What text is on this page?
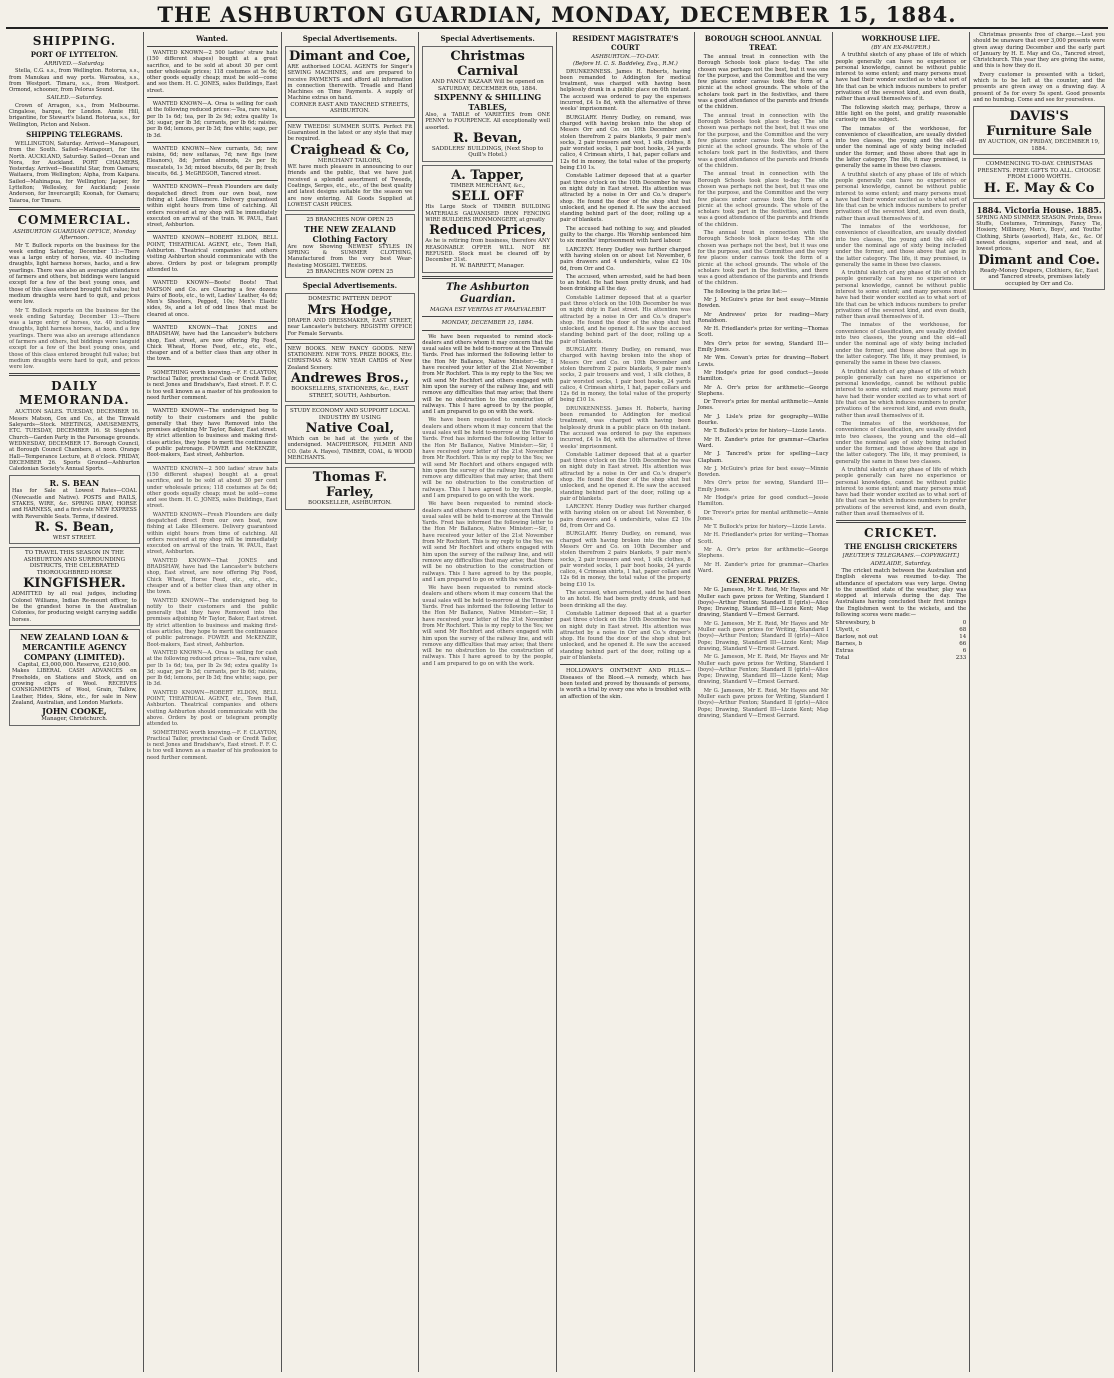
THE ASHBURTON GUARDIAN, MONDAY, DECEMBER 15, 1884.
SHIPPING.
PORT OF LYTTELTON.
ARRIVED.—Saturday.
Stella, C.G. s.s., from Wellington. Rotorua, s.s., from Manukau and way ports. Waroatea, s.s., from Westport. Timaru, s.s., from Westport. Ormond, schooner, from Pelorus Sound.
SAILED.—Saturday.
Crown of Arragon, s.s., from Melbourne. Cingalese, barque, for London. Annie Hill, brigantine, for Stewart's Island. Rotorua, s.s., for Wellington, Picton and Nelson.
SHIPPING TELEGRAMS.
WELLINGTON, Saturday. Arrived—Manapouri, from the South. Sailed—Manapouri, for the North. AUCKLAND, Saturday. Sailed—Ocean and Nora, for Auckland. PORT CHALMERS, Yesterday. Arrived—Beautiful Star, from Oamaru; Waitaera, from Wellington; Alpha, from Kaipara. Sailed—Mahinapua, for Wellington; Jasper, for Lyttelton; Wellesley, for Auckland; Jessie Anderson, for Invercargill; Koonah, for Oamaru; Taiaroa, for Timaru.
COMMERCIAL.
ASHBURTON GUARDIAN OFFICE, Monday Afternoon.
Mr T. Bullock reports on the business for the week ending Saturday, December 13:—There was a large entry of horses, viz. 40 including draughts, light harness horses, hacks, and a few yearlings. There was also an average attendance of farmers and others, but biddings were languid except for a few of the best young ones, and those of this class entered brought full value; but medium draughts were hard to quit, and prices were low.
Mr T. Bullock reports on the business for the week ending Saturday, December 13:—There was a large entry of horses, viz. 40 including draughts, light harness horses, hacks, and a few yearlings. There was also an average attendance of farmers and others, but biddings were languid except for a few of the best young ones, and those of this class entered brought full value; but medium draughts were hard to quit, and prices were low.
DAILY MEMORANDA.
AUCTION SALES. TUESDAY, DECEMBER 16. Messrs Matson, Cox and Co., at the Tinwald Saleyards—Stock. MEETINGS, AMUSEMENTS, ETC. TUESDAY, DECEMBER 16. St Stephen's Church—Garden Party in the Parsonage grounds. WEDNESDAY, DECEMBER 17. Borough Council, at Borough Council Chambers, at noon. Orange Hall—Temperance Lecture, at 8 o'clock. FRIDAY, DECEMBER 26. Sports Ground—Ashburton Caledonian Society's Annual Sports.
R. S. BEAN
Has for Sale at Lowest Rates—COAL (Newcastle and Native). POSTS and RAILS, STAKES, WIRE, &c. SPRING DRAY, HORSE and HARNESS, and a first-rate NEW EXPRESS with Reversible Seats. Terms, if desired.
R. S. Bean,
WEST STREET.
TO TRAVEL THIS SEASON IN THE ASHBURTON AND SURROUNDING DISTRICTS, THE CELEBRATED THOROUGHBRED HORSE
KINGFISHER.
ADMITTED by all real judges, including Colonel Williams, Indian Re-mount officer, to be the grandest horse in the Australian Colonies, for producing weight carrying saddle horses.
NEW ZEALAND LOAN & MERCANTILE AGENCY COMPANY (LIMITED).
Capital, £3,000,000. Reserve, £210,000.
Makes LIBERAL CASH ADVANCES on Freeholds, on Stations and Stock, and on growing clips of Wool. RECEIVES CONSIGNMENTS of Wool, Grain, Tallow, Leather, Hides, Skins, etc., for sale in New Zealand, Australian, and London Markets.
JOHN COOKE,
Manager, Christchurch.
Wanted.
WANTED KNOWN—2 500 ladies' straw hats (150 different shapes) bought at a great sacrifice, and to be sold at about 30 per cent under wholesale prices; 118 costumes at 5s 6d; other goods equally cheap; must be sold—come and see them. H. C. JONES, sales Buildings, East street.
WANTED KNOWN—A. Orsa is selling for cash at the following reduced prices:—Tea, rare value, per lb 1s 6d; tea, per lb 2s 9d; extra quality 1s 3d; sugar, per lb 3d; currants, per lb 6d; raisins, per lb 6d; lemons, per lb 3d; fine white; sago, per lb 3d.
WANTED KNOWN—New currants, 5d; new raisins, 6d; new sultanas, 7d; new figs (new Eleanors), 8d; Jordan almonds, 2s per lb; muscatels, 1s 3d; mixed biscuits, 6d per lb; fresh biscuits, 6d. J. McGREGOR, Tancred street.
WANTED KNOWN—Fresh Flounders are daily despatched direct from our own boat, now fishing at Lake Ellesmere. Delivery guaranteed within eight hours from time of catching. All orders received at my shop will be immediately executed on arrival of the train. W. PAUL, East street, Ashburton.
WANTED KNOWN—ROBERT ELDON, BELL POINT, THEATRICAL AGENT, etc., Town Hall, Ashburton. Theatrical companies and others visiting Ashburton should communicate with the above. Orders by post or telegram promptly attended to.
WANTED KNOWN—Boots! Boots! That MATSON and Co. are Clearing a few dozens Pairs of Boots, etc., to wit, Ladies' Leather, 4s 6d; Men's Shooters, Pegged, 10s; Men's Elastic sides, 9s, and a lot of odd lines that must be cleared at once.
WANTED KNOWN—That JONES and BRADSHAW, have had the Lancaster's butchers shop, East street, are now offering Pig Food, Chick Wheat, Horse Feed, etc., etc., etc., cheaper and of a better class than any other in the town.
SOMETHING worth knowing.—F. F. CLAYTON, Practical Tailor, provincial Cash or Credit Tailor, is next Jones and Bradshaw's, East street. F. F. C. is too well known as a master of his profession to need further comment.
WANTED KNOWN—The undersigned beg to notify to their customers and the public generally that they have Removed into the premises adjoining Mr Taylor, Baker, East street. By strict attention to business and making first-class articles, they hope to merit the continuance of public patronage. FOWER and McKENZIE, Boot-makers, East street, Ashburton.
WANTED KNOWN—2 500 ladies' straw hats (150 different shapes) bought at a great sacrifice, and to be sold at about 30 per cent under wholesale prices; 118 costumes at 5s 6d; other goods equally cheap; must be sold—come and see them. H. C. JONES, sales Buildings, East street.
WANTED KNOWN—Fresh Flounders are daily despatched direct from our own boat, now fishing at Lake Ellesmere. Delivery guaranteed within eight hours from time of catching. All orders received at my shop will be immediately executed on arrival of the train. W. PAUL, East street, Ashburton.
WANTED KNOWN—That JONES and BRADSHAW, have had the Lancaster's butchers shop, East street, are now offering Pig Food, Chick Wheat, Horse Feed, etc., etc., etc., cheaper and of a better class than any other in the town.
WANTED KNOWN—The undersigned beg to notify to their customers and the public generally that they have Removed into the premises adjoining Mr Taylor, Baker, East street. By strict attention to business and making first-class articles, they hope to merit the continuance of public patronage. FOWER and McKENZIE, Boot-makers, East street, Ashburton.
WANTED KNOWN—A. Orsa is selling for cash at the following reduced prices:—Tea, rare value, per lb 1s 6d; tea, per lb 2s 9d; extra quality 1s 3d; sugar, per lb 3d; currants, per lb 6d; raisins, per lb 6d; lemons, per lb 3d; fine white; sago, per lb 3d.
WANTED KNOWN—ROBERT ELDON, BELL POINT, THEATRICAL AGENT, etc., Town Hall, Ashburton. Theatrical companies and others visiting Ashburton should communicate with the above. Orders by post or telegram promptly attended to.
SOMETHING worth knowing.—F. F. CLAYTON, Practical Tailor, provincial Cash or Credit Tailor, is next Jones and Bradshaw's, East street. F. F. C. is too well known as a master of his profession to need further comment.
Special Advertisements.
Dimant and Coe,
ARE authorised LOCAL AGENTS for Singer's SEWING MACHINES, and are prepared to receive PAYMENTS and afford all information in connection therewith. Treadle and Hand Machines on Time Payments. A supply of Machine extras on hand.
CORNER EAST AND TANCRED STREETS, ASHBURTON.
NEW TWEEDS! SUMMER SUITS. Perfect Fit Guaranteed in the latest or any style that may be required.
Craighead & Co,
MERCHANT TAILORS,
WE have much pleasure in announcing to our friends and the public, that we have just received a splendid assortment of Tweeds, Coatings, Serges, etc., etc., of the best quality and latest designs suitable for the season we are now entering. All Goods Supplied at LOWEST CASH PRICES.
25 BRANCHES NOW OPEN 25
THE NEW ZEALAND Clothing Factory
Are now Showing NEWEST STYLES IN SPRING & SUMMER CLOTHING, Manufactured from the very best Wear-Resisting MOSGIEL TWEEDS.
25 BRANCHES NOW OPEN 25
Special Advertisements.
DOMESTIC PATTERN DEPOT
Mrs Hodge,
DRAPER AND DRESSMAKER, EAST STREET, near Lancaster's butchery. REGISTRY OFFICE For Female Servants.
NEW BOOKS. NEW FANCY GOODS. NEW STATIONERY. NEW TOYS. PRIZE BOOKS, Etc. CHRISTMAS & NEW YEAR CARDS of New Zealand Scenery.
Andrewes Bros.,
BOOKSELLERS, STATIONERS, &c., EAST STREET, SOUTH, Ashburton.
STUDY ECONOMY AND SUPPORT LOCAL INDUSTRY BY USING
Native Coal,
Which can be had at the yards of the undersigned. MACPHERSON, FILMER AND CO. (late A. Hayes), TIMBER, COAL, & WOOD MERCHANTS.
Thomas F. Farley,
BOOKSELLER, ASHBURTON.
Special Advertisements.
Christmas Carnival
AND FANCY BAZAAR Will be opened on SATURDAY, DECEMBER 6th, 1884.
SIXPENNY & SHILLING TABLES,
Also, a TABLE of VARIETIES from ONE PENNY to FOURPENCE. All exceptionally well assorted.
R. Bevan,
SADDLERS' BUILDINGS, (Next Shop to Quill's Hotel.)
A. Tapper,
TIMBER MERCHANT, &c.,
SELL OFF
His Large Stock of TIMBER BUILDING MATERIALS GALVANISED IRON FENCING WIRE BUILDERS IRONMONGERY, at greatly
Reduced Prices,
As he is retiring from business, therefore ANY REASONABLE OFFER WILL NOT BE REFUSED. Stock must be cleared off by December 31st.
H. W. BARRETT, Manager.
The Ashburton Guardian.
MAGNA EST VERITAS ET PRAEVALEBIT
MONDAY, DECEMBER 15, 1884.
We have been requested to remind stock-dealers and others whom it may concern that the usual sales will be held to-morrow at the Tinwald Yards. Fred has informed the following letter to the Hon Mr Ballance, Native Minister:—Sir, I have received your letter of the 21st November from Mr Rochfort. This is my reply to the Yes; we will send Mr Rochfort and others engaged with him upon the survey of the railway line, and will remove any difficulties that may arise; that there will be no obstruction to the construction of railways. This I have agreed to by the people, and I am prepared to go on with the work.
We have been requested to remind stock-dealers and others whom it may concern that the usual sales will be held to-morrow at the Tinwald Yards. Fred has informed the following letter to the Hon Mr Ballance, Native Minister:—Sir, I have received your letter of the 21st November from Mr Rochfort. This is my reply to the Yes; we will send Mr Rochfort and others engaged with him upon the survey of the railway line, and will remove any difficulties that may arise; that there will be no obstruction to the construction of railways. This I have agreed to by the people, and I am prepared to go on with the work.
We have been requested to remind stock-dealers and others whom it may concern that the usual sales will be held to-morrow at the Tinwald Yards. Fred has informed the following letter to the Hon Mr Ballance, Native Minister:—Sir, I have received your letter of the 21st November from Mr Rochfort. This is my reply to the Yes; we will send Mr Rochfort and others engaged with him upon the survey of the railway line, and will remove any difficulties that may arise; that there will be no obstruction to the construction of railways. This I have agreed to by the people, and I am prepared to go on with the work.
We have been requested to remind stock-dealers and others whom it may concern that the usual sales will be held to-morrow at the Tinwald Yards. Fred has informed the following letter to the Hon Mr Ballance, Native Minister:—Sir, I have received your letter of the 21st November from Mr Rochfort. This is my reply to the Yes; we will send Mr Rochfort and others engaged with him upon the survey of the railway line, and will remove any difficulties that may arise; that there will be no obstruction to the construction of railways. This I have agreed to by the people, and I am prepared to go on with the work.
RESIDENT MAGISTRATE'S COURT
ASHBURTON.—TO-DAY.
(Before H. C. S. Baddeley, Esq., R.M.)
DRUNKENNESS. James H. Roberts, having been remanded to Addington for medical treatment, was charged with having been helplessly drunk in a public place on 6th instant. The accused was ordered to pay the expenses incurred, £4 1s 8d, with the alternative of three weeks' imprisonment.
BURGLARY. Henry Dudley, on remand, was charged with having broken into the shop of Messrs Orr and Co. on 10th December and stolen therefrom 2 pairs blankets, 9 pair men's socks, 2 pair trousers and vest, 1 silk clothes, 8 pair worsted socks, 1 pair boot hooks, 24 yards calico, 4 Crimean shirts, 1 hat, paper collars and 12s 6d in money, the total value of the property being £10 1s.
Constable Latimer deposed that at a quarter past three o'clock on the 10th December he was on night duty in East street. His attention was attracted by a noise in Orr and Co.'s draper's shop. He found the door of the shop shut but unlocked, and he opened it. He saw the accused standing behind part of the door, rolling up a pair of blankets.
The accused had nothing to say, and pleaded guilty to the charge. His Worship sentenced him to six months' imprisonment with hard labour.
LARCENY. Henry Dudley was further charged with having stolen on or about 1st November, 6 pairs drawers and 4 undershirts, value £2 10s 6d, from Orr and Co.
The accused, when arrested, said he had been to an hotel. He had been pretty drunk, and had been drinking all the day.
Constable Latimer deposed that at a quarter past three o'clock on the 10th December he was on night duty in East street. His attention was attracted by a noise in Orr and Co.'s draper's shop. He found the door of the shop shut but unlocked, and he opened it. He saw the accused standing behind part of the door, rolling up a pair of blankets.
BURGLARY. Henry Dudley, on remand, was charged with having broken into the shop of Messrs Orr and Co. on 10th December and stolen therefrom 2 pairs blankets, 9 pair men's socks, 2 pair trousers and vest, 1 silk clothes, 8 pair worsted socks, 1 pair boot hooks, 24 yards calico, 4 Crimean shirts, 1 hat, paper collars and 12s 6d in money, the total value of the property being £10 1s.
DRUNKENNESS. James H. Roberts, having been remanded to Addington for medical treatment, was charged with having been helplessly drunk in a public place on 6th instant. The accused was ordered to pay the expenses incurred, £4 1s 8d, with the alternative of three weeks' imprisonment.
Constable Latimer deposed that at a quarter past three o'clock on the 10th December he was on night duty in East street. His attention was attracted by a noise in Orr and Co.'s draper's shop. He found the door of the shop shut but unlocked, and he opened it. He saw the accused standing behind part of the door, rolling up a pair of blankets.
LARCENY. Henry Dudley was further charged with having stolen on or about 1st November, 6 pairs drawers and 4 undershirts, value £2 10s 6d, from Orr and Co.
BURGLARY. Henry Dudley, on remand, was charged with having broken into the shop of Messrs Orr and Co. on 10th December and stolen therefrom 2 pairs blankets, 9 pair men's socks, 2 pair trousers and vest, 1 silk clothes, 8 pair worsted socks, 1 pair boot hooks, 24 yards calico, 4 Crimean shirts, 1 hat, paper collars and 12s 6d in money, the total value of the property being £10 1s.
The accused, when arrested, said he had been to an hotel. He had been pretty drunk, and had been drinking all the day.
Constable Latimer deposed that at a quarter past three o'clock on the 10th December he was on night duty in East street. His attention was attracted by a noise in Orr and Co.'s draper's shop. He found the door of the shop shut but unlocked, and he opened it. He saw the accused standing behind part of the door, rolling up a pair of blankets.
HOLLOWAY'S OINTMENT AND PILLS.—Diseases of the Blood.—A remedy, which has been tested and proved by thousands of persons, is worth a trial by every one who is troubled with an affection of the skin.
BOROUGH SCHOOL ANNUAL TREAT.
The annual treat in connection with the Borough Schools took place to-day. The site chosen was perhaps not the best, but it was one for the purpose, and the Committee and the very few places under canvas took the form of a picnic at the school grounds. The whole of the scholars took part in the festivities, and there was a good attendance of the parents and friends of the children.
The annual treat in connection with the Borough Schools took place to-day. The site chosen was perhaps not the best, but it was one for the purpose, and the Committee and the very few places under canvas took the form of a picnic at the school grounds. The whole of the scholars took part in the festivities, and there was a good attendance of the parents and friends of the children.
The annual treat in connection with the Borough Schools took place to-day. The site chosen was perhaps not the best, but it was one for the purpose, and the Committee and the very few places under canvas took the form of a picnic at the school grounds. The whole of the scholars took part in the festivities, and there was a good attendance of the parents and friends of the children.
The annual treat in connection with the Borough Schools took place to-day. The site chosen was perhaps not the best, but it was one for the purpose, and the Committee and the very few places under canvas took the form of a picnic at the school grounds. The whole of the scholars took part in the festivities, and there was a good attendance of the parents and friends of the children.
The following is the prize list:—
Mr J. McGuire's prize for best essay—Minnie Bowden.
Mr Andrewes' prize for reading—Mary Ronaldson.
Mr H. Friedlander's prize for writing—Thomas Scott.
Mrs Orr's prize for sewing, Standard III—Emily Jones.
Mr Wm. Cowan's prize for drawing—Robert Lewis.
Mr Hodge's prize for good conduct—Jessie Hamilton.
Mr A. Orr's prize for arithmetic—George Stephens.
Dr Trevor's prize for mental arithmetic—Annie Jones.
Mr J. Lisle's prize for geography—Willie Bourke.
Mr T. Bullock's prize for history—Lizzie Lewis.
Mr H. Zander's prize for grammar—Charles Ward.
Mr J. Tancred's prize for spelling—Lucy Clapham.
Mr J. McGuire's prize for best essay—Minnie Bowden.
Mrs Orr's prize for sewing, Standard III—Emily Jones.
Mr Hodge's prize for good conduct—Jessie Hamilton.
Dr Trevor's prize for mental arithmetic—Annie Jones.
Mr T. Bullock's prize for history—Lizzie Lewis.
Mr H. Friedlander's prize for writing—Thomas Scott.
Mr A. Orr's prize for arithmetic—George Stephens.
Mr H. Zander's prize for grammar—Charles Ward.
GENERAL PRIZES.
Mr G. Jameson, Mr E. Reid, Mr Hayes and Mr Muller each gave prizes for Writing, Standard I (boys)—Arthur Fenton; Standard II (girls)—Alice Pope; Drawing, Standard III—Lizzie Kent; Map drawing, Standard V—Ernest Gerrard.
Mr G. Jameson, Mr E. Reid, Mr Hayes and Mr Muller each gave prizes for Writing, Standard I (boys)—Arthur Fenton; Standard II (girls)—Alice Pope; Drawing, Standard III—Lizzie Kent; Map drawing, Standard V—Ernest Gerrard.
Mr G. Jameson, Mr E. Reid, Mr Hayes and Mr Muller each gave prizes for Writing, Standard I (boys)—Arthur Fenton; Standard II (girls)—Alice Pope; Drawing, Standard III—Lizzie Kent; Map drawing, Standard V—Ernest Gerrard.
Mr G. Jameson, Mr E. Reid, Mr Hayes and Mr Muller each gave prizes for Writing, Standard I (boys)—Arthur Fenton; Standard II (girls)—Alice Pope; Drawing, Standard III—Lizzie Kent; Map drawing, Standard V—Ernest Gerrard.
WORKHOUSE LIFE.
(BY AN EX-PAUPER.)
A truthful sketch of any phase of life of which people generally can have no experience or personal knowledge, cannot be without public interest to some extent; and many persons must have had their wonder excited as to what sort of life that can be which induces numbers to prefer privations of the severest kind, and even death, rather than avail themselves of it.
The following sketch may, perhaps, throw a little light on the point, and gratify reasonable curiosity on the subject.
The inmates of the workhouse, for convenience of classification, are usually divided into two classes, the young and the old—all under the nominal age of sixty being included under the former, and those above that age in the latter category. The life, it may premised, is generally the same in these two classes.
A truthful sketch of any phase of life of which people generally can have no experience or personal knowledge, cannot be without public interest to some extent; and many persons must have had their wonder excited as to what sort of life that can be which induces numbers to prefer privations of the severest kind, and even death, rather than avail themselves of it.
The inmates of the workhouse, for convenience of classification, are usually divided into two classes, the young and the old—all under the nominal age of sixty being included under the former, and those above that age in the latter category. The life, it may premised, is generally the same in these two classes.
A truthful sketch of any phase of life of which people generally can have no experience or personal knowledge, cannot be without public interest to some extent; and many persons must have had their wonder excited as to what sort of life that can be which induces numbers to prefer privations of the severest kind, and even death, rather than avail themselves of it.
The inmates of the workhouse, for convenience of classification, are usually divided into two classes, the young and the old—all under the nominal age of sixty being included under the former, and those above that age in the latter category. The life, it may premised, is generally the same in these two classes.
A truthful sketch of any phase of life of which people generally can have no experience or personal knowledge, cannot be without public interest to some extent; and many persons must have had their wonder excited as to what sort of life that can be which induces numbers to prefer privations of the severest kind, and even death, rather than avail themselves of it.
The inmates of the workhouse, for convenience of classification, are usually divided into two classes, the young and the old—all under the nominal age of sixty being included under the former, and those above that age in the latter category. The life, it may premised, is generally the same in these two classes.
A truthful sketch of any phase of life of which people generally can have no experience or personal knowledge, cannot be without public interest to some extent; and many persons must have had their wonder excited as to what sort of life that can be which induces numbers to prefer privations of the severest kind, and even death, rather than avail themselves of it.
CRICKET.
THE ENGLISH CRICKETERS
[REUTER'S TELEGRAMS.—COPYRIGHT.]
ADELAIDE, Saturday.
The cricket match between the Australian and English elevens was resumed to-day. The attendance of spectators was very large. Owing to the unsettled state of the weather, play was stopped at intervals during the day. The Australians having concluded their first innings the Englishmen went to the wickets, and the following scores were made:—
Shrewsbury, b	0
Ulyett, c	68
Barlow, not out	14
Barnes, b	66
Extras	6
Total	233
Christmas presents free of charge.—Lest you should be unaware that over 3,000 presents were given away during December and the early part of January by H. E. May and Co., Tancred street, Christchurch. This year they are giving the same, and this is how they do it.
Every customer is presented with a ticket, which is to be left at the counter, and the presents are given away on a drawing day. A present of 5s for every 5s spent. Good presents and no humbug. Come and see for yourselves.
DAVIS'S
Furniture Sale
BY AUCTION, ON FRIDAY, DECEMBER 19, 1884.
COMMENCING TO-DAY. CHRISTMAS PRESENTS. FREE GIFTS TO ALL. CHOOSE FROM £1000 WORTH.
H. E. May & Co
1884. Victoria House. 1885.
SPRING AND SUMMER SEASON. Prints, Dress Stuffs, Costumes, Trimmings, Fancy Tie, Hosiery, Millinery, Men's, Boys', and Youths' Clothing, Shirts (assorted), Hats, &c., &c. Of newest designs, superior and neat, and at lowest prices.
Dimant and Coe.
Ready-Money Drapers, Clothiers, &c, East and Tancred streets, premises lately occupied by Orr and Co.
